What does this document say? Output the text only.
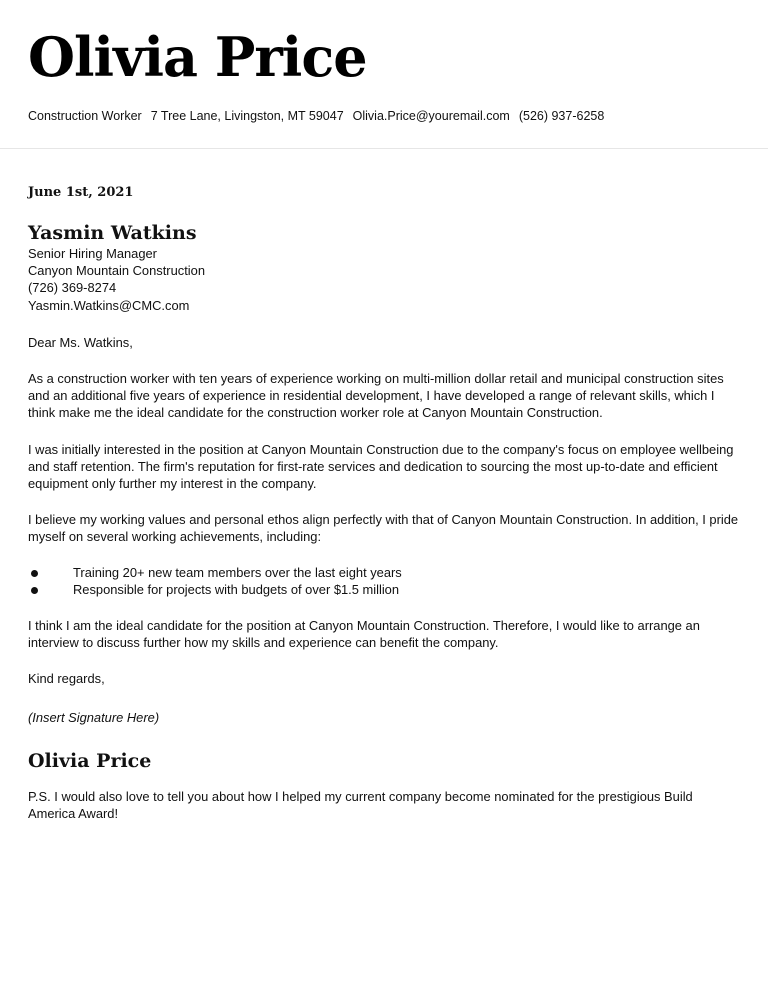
Olivia Price
Construction Worker 7 Tree Lane, Livingston, MT 59047 Olivia.Price@youremail.com (526) 937-6258

June 1st, 2021

Yasmin Watkins

Senior Hiring Manager

Canyon Mountain Construction

(726) 369-8274

Yasmin.Watkins@CMC.com

Dear Ms. Watkins,

As a construction worker with ten years of experience working on multi-million dollar retail and municipal construction sites and an additional five years of experience in residential development, I have developed a range of relevant skills, which I think make me the ideal candidate for the construction worker role at Canyon Mountain Construction.

I was initially interested in the position at Canyon Mountain Construction due to the company's focus on employee wellbeing and staff retention. The firm's reputation for first-rate services and dedication to sourcing the most up-to-date and efficient equipment only further my interest in the company.

I believe my working values and personal ethos align perfectly with that of Canyon Mountain Construction. In addition, I pride myself on several working achievements, including:

Training 20+ new team members over the last eight years
Responsible for projects with budgets of over $1.5 million

I think I am the ideal candidate for the position at Canyon Mountain Construction. Therefore, I would like to arrange an interview to discuss further how my skills and experience can benefit the company.

Kind regards,

(Insert Signature Here)

Olivia Price

P.S. I would also love to tell you about how I helped my current company become nominated for the prestigious Build America Award!
